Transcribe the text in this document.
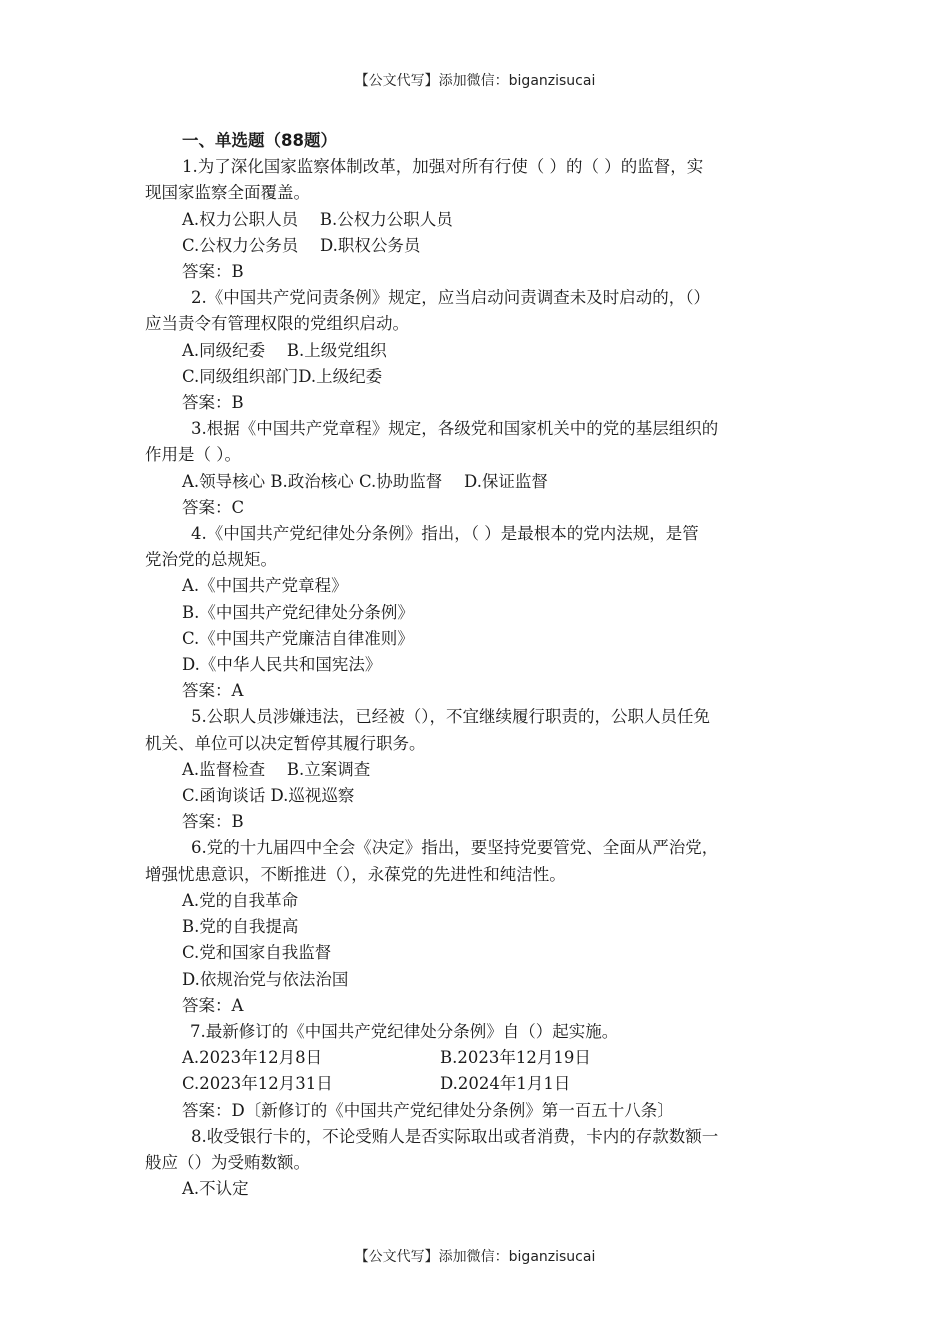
【公文代写】添加微信：biganzisucai
一、单选题（88题）
1.为了深化国家监察体制改革，加强对所有行使（ ）的（ ）的监督，实
现国家监察全面覆盖。
A.权力公职人员　 B.公权力公职人员
C.公权力公务员　 D.职权公务员
答案：B
2.《中国共产党问责条例》规定，应当启动问责调查未及时启动的，（）
应当责令有管理权限的党组织启动。
A.同级纪委　 B.上级党组织
C.同级组织部门D.上级纪委
答案：B
3.根据《中国共产党章程》规定，各级党和国家机关中的党的基层组织的
作用是（ ）。
A.领导核心 B.政治核心 C.协助监督　 D.保证监督
答案：C
4.《中国共产党纪律处分条例》指出，（ ）是最根本的党内法规，是管
党治党的总规矩。
A.《中国共产党章程》
B.《中国共产党纪律处分条例》
C.《中国共产党廉洁自律准则》
D.《中华人民共和国宪法》
答案：A
5.公职人员涉嫌违法，已经被（），不宜继续履行职责的，公职人员任免
机关、单位可以决定暂停其履行职务。
A.监督检查　 B.立案调查
C.函询谈话 D.巡视巡察
答案：B
6.党的十九届四中全会《决定》指出，要坚持党要管党、全面从严治党，
增强忧患意识，不断推进（），永葆党的先进性和纯洁性。
A.党的自我革命
B.党的自我提高
C.党和国家自我监督
D.依规治党与依法治国
答案：A
7.最新修订的《中国共产党纪律处分条例》自（）起实施。
A.2023年12月8日	B.2023年12月19日
C.2023年12月31日	D.2024年1月1日
答案：D〔新修订的《中国共产党纪律处分条例》第一百五十八条〕
8.收受银行卡的，不论受贿人是否实际取出或者消费，卡内的存款数额一
般应（）为受贿数额。
A.不认定
【公文代写】添加微信：biganzisucai
